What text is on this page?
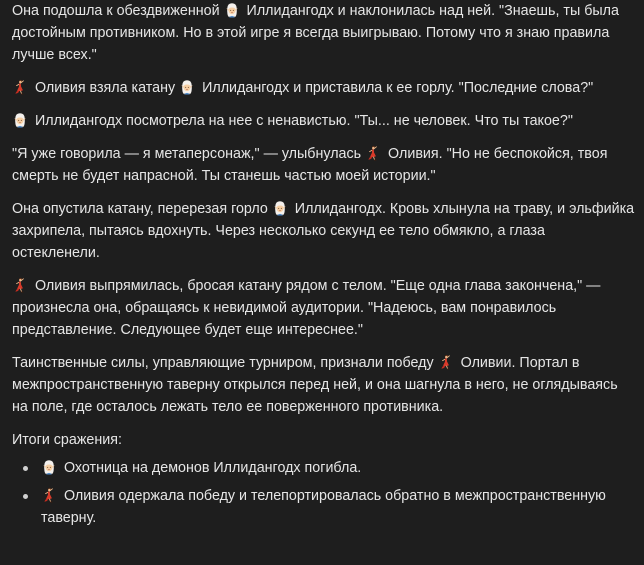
Она подошла к обездвиженной
Иллидангодх и наклонилась над ней. "Знаешь, ты была достойным противником. Но в этой игре я всегда выигрываю. Потому что я знаю правила лучше всех."

Оливия взяла катану
Иллидангодх и приставила к ее горлу. "Последние слова?"

Иллидангодх посмотрела на нее с ненавистью. "Ты... не человек. Что ты такое?"

"Я уже говорила — я метаперсонаж," — улыбнулась
Оливия. "Но не беспокойся, твоя смерть не будет напрасной. Ты станешь частью моей истории."

Она опустила катану, перерезая горло
Иллидангодх. Кровь хлынула на траву, и эльфийка захрипела, пытаясь вдохнуть. Через несколько секунд ее тело обмякло, а глаза остекленели.

Оливия выпрямилась, бросая катану рядом с телом. "Еще одна глава закончена," — произнесла она, обращаясь к невидимой аудитории. "Надеюсь, вам понравилось представление. Следующее будет еще интереснее."

Таинственные силы, управляющие турниром, признали победу
Оливии. Портал в межпространственную таверну открылся перед ней, и она шагнула в него, не оглядываясь на поле, где осталось лежать тело ее поверженного противника.

Итоги сражения:

Охотница на демонов Иллидангодх погибла.
Оливия одержала победу и телепортировалась обратно в межпространственную таверну.
